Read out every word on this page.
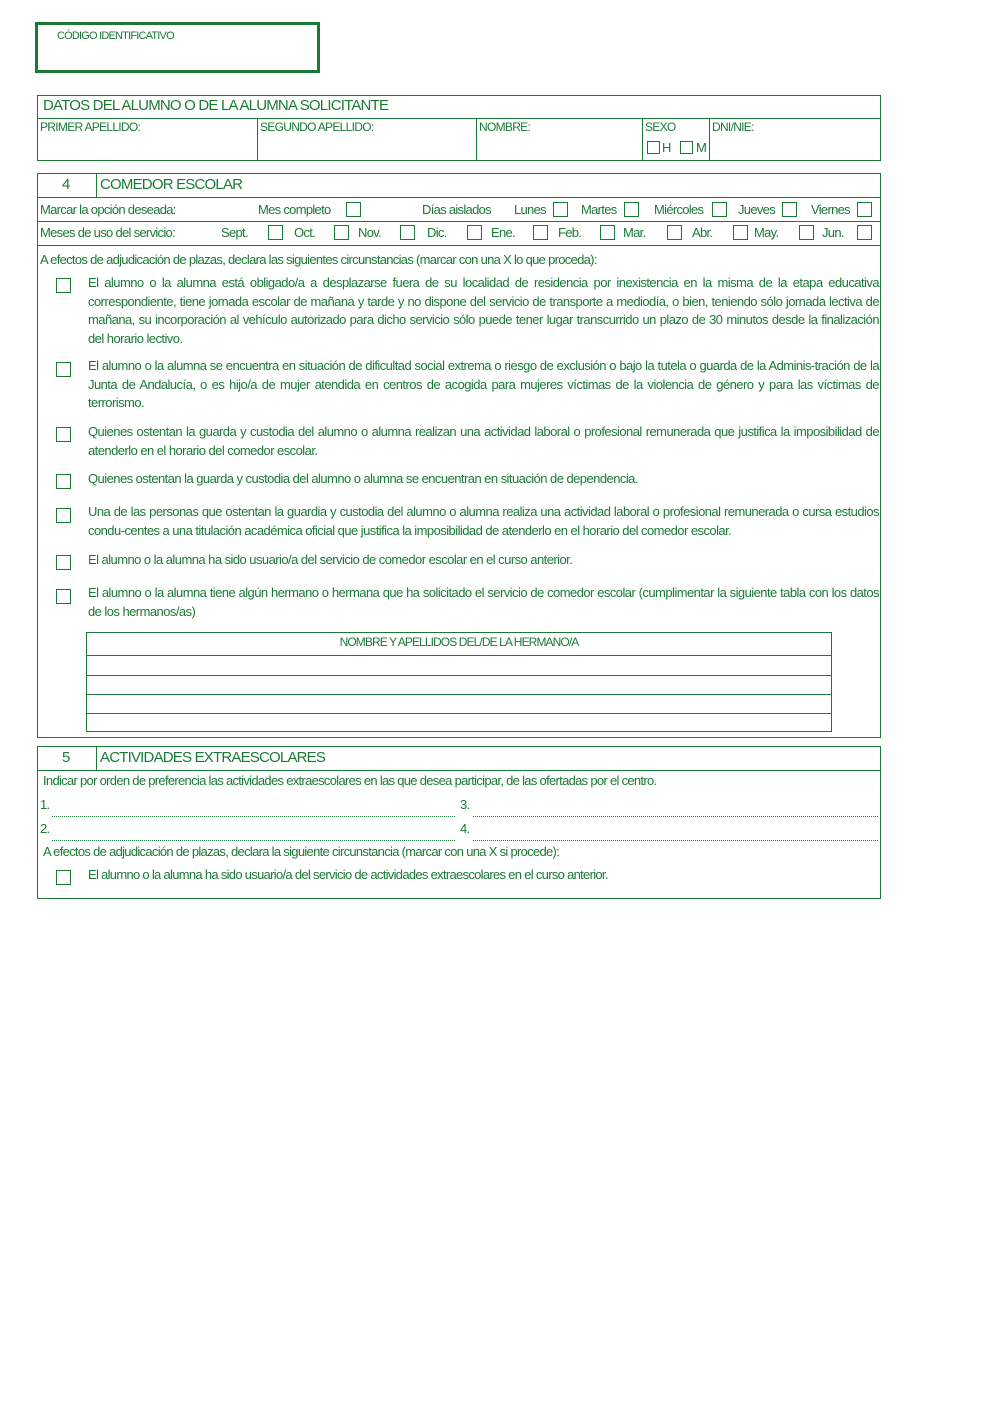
CÓDIGO IDENTIFICATIVO
DATOS DEL ALUMNO O DE LA ALUMNA SOLICITANTE
PRIMER APELLIDO:	SEGUNDO APELLIDO:	NOMBRE:	SEXO	DNI/NIE:
H M
4 COMEDOR ESCOLAR
Marcar la opción deseada:	Mes completo	Días aislados Lunes	Martes	Miércoles	Jueves	Viernes
Meses de uso del servicio:	Sept.	Oct.	Nov.	Dic.	Ene.	Feb.	Mar.	Abr.	May.	Jun.
A efectos de adjudicación de plazas, declara las siguientes circunstancias (marcar con una X lo que proceda):
El alumno o la alumna está obligado/a a desplazarse fuera de su localidad de residencia por inexistencia en la misma de la etapa educativa correspondiente, tiene jornada escolar de mañana y tarde y no dispone del servicio de transporte a mediodía, o bien, teniendo sólo jornada lectiva de mañana, su incorporación al vehículo autorizado para dicho servicio sólo puede tener lugar transcurrido un plazo de 30 minutos desde la finalización del horario lectivo.
El alumno o la alumna se encuentra en situación de dificultad social extrema o riesgo de exclusión o bajo la tutela o guarda de la Adminis-tración de la Junta de Andalucía, o es hijo/a de mujer atendida en centros de acogida para mujeres víctimas de la violencia de género y para las víctimas de terrorismo.
Quienes ostentan la guarda y custodia del alumno o alumna realizan una actividad laboral o profesional remunerada que justifica la imposibilidad de atenderlo en el horario del comedor escolar.
Quienes ostentan la guarda y custodia del alumno o alumna se encuentran en situación de dependencia.
Una de las personas que ostentan la guardia y custodia del alumno o alumna realiza una actividad laboral o profesional remunerada o cursa estudios condu-centes a una titulación académica oficial que justifica la imposibilidad de atenderlo en el horario del comedor escolar.
El alumno o la alumna ha sido usuario/a del servicio de comedor escolar en el curso anterior.
El alumno o la alumna tiene algún hermano o hermana que ha solicitado el servicio de comedor escolar (cumplimentar la siguiente tabla con los datos de los hermanos/as)
NOMBRE Y APELLIDOS DEL/DE LA HERMANO/A
5 ACTIVIDADES EXTRAESCOLARES
Indicar por orden de preferencia las actividades extraescolares en las que desea participar, de las ofertadas por el centro.
1.	3.
2.	4.
A efectos de adjudicación de plazas, declara la siguiente circunstancia (marcar con una X si procede):
El alumno o la alumna ha sido usuario/a del servicio de actividades extraescolares en el curso anterior.
